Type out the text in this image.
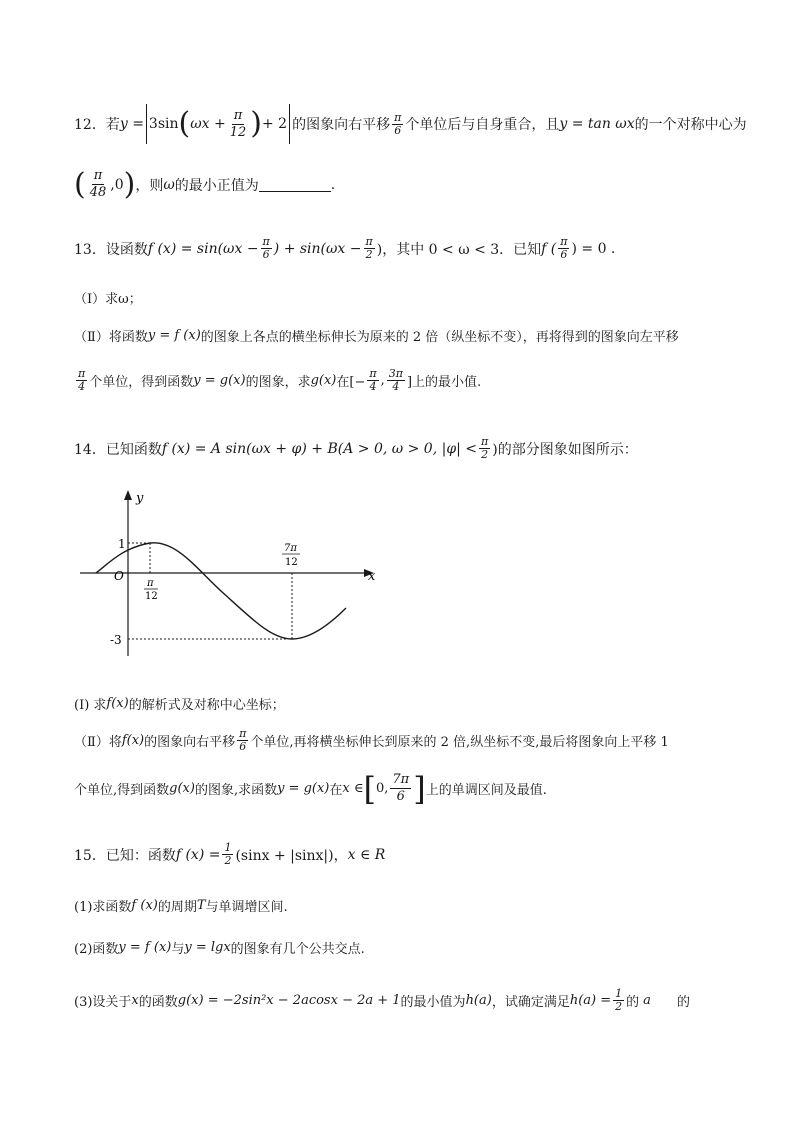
12．若 y = 3sin ( $\omega x + \frac{\pi}{12}$ ) + 2 的图象向右平移 $\frac{\pi}{6}$ 个单位后与自身重合，且 y = tan ωx 的一个对称中心为
( $\frac{\pi}{48} ,0$ ) ，则 ω 的最小正值为	.
13．设函数 f $(x) = \sin(\omega x - \frac{\pi}{6}$ ) + $\sin(\omega x - \frac{\pi}{2}$ )，其中 0 < ω < 3．已知 f ( $\frac{\pi}{6}$ ) = 0 .
（Ⅰ）求ω；
（Ⅱ）将函数 y = f (x) 的图象上各点的横坐标伸长为原来的 2 倍（纵坐标不变），再将得到的图象向左平移
$\frac{\pi}{4}$ 个单位，得到函数 y = g(x) 的图象，求 g(x) 在[− $\frac{\pi}{4}$ , $\frac{3\pi}{4}$ ]上的最小值.
14．已知函数 f (x) = A sin(ωx + φ) + B(A > 0, ω > 0, $|\varphi| < \frac{\pi}{2}$ )的部分图象如图所示：
y
x
O
1
-3
π
12
7π
12
(Ⅰ) 求 f(x) 的解析式及对称中心坐标；
（Ⅱ）将 f(x) 的图象向右平移 $\frac{\pi}{6}$ 个单位,再将横坐标伸长到原来的 2 倍,纵坐标不变,最后将图象向上平移 1
个单位,得到函数 g(x) 的图象,求函数 y = g(x) 在 x ∈ [ 0, $\frac{7\pi}{6}$ ] 上的单调区间及最值.
15．已知：函数 f $(x) = \frac{1}{2} (\sin x + |\sin x|)$， x ∈ R
(1)求函数 f (x) 的周期 T 与单调增区间.
(2)函数 y = f (x) 与 y = lgx 的图象有几个公共交点.
(3)设关于 x 的函数 g(x) = −2sin²x − 2acosx − 2a + 1 的最小值为 h(a) ，试确定满足 $h(a) = \frac{1}{2}$ 的 a 的
